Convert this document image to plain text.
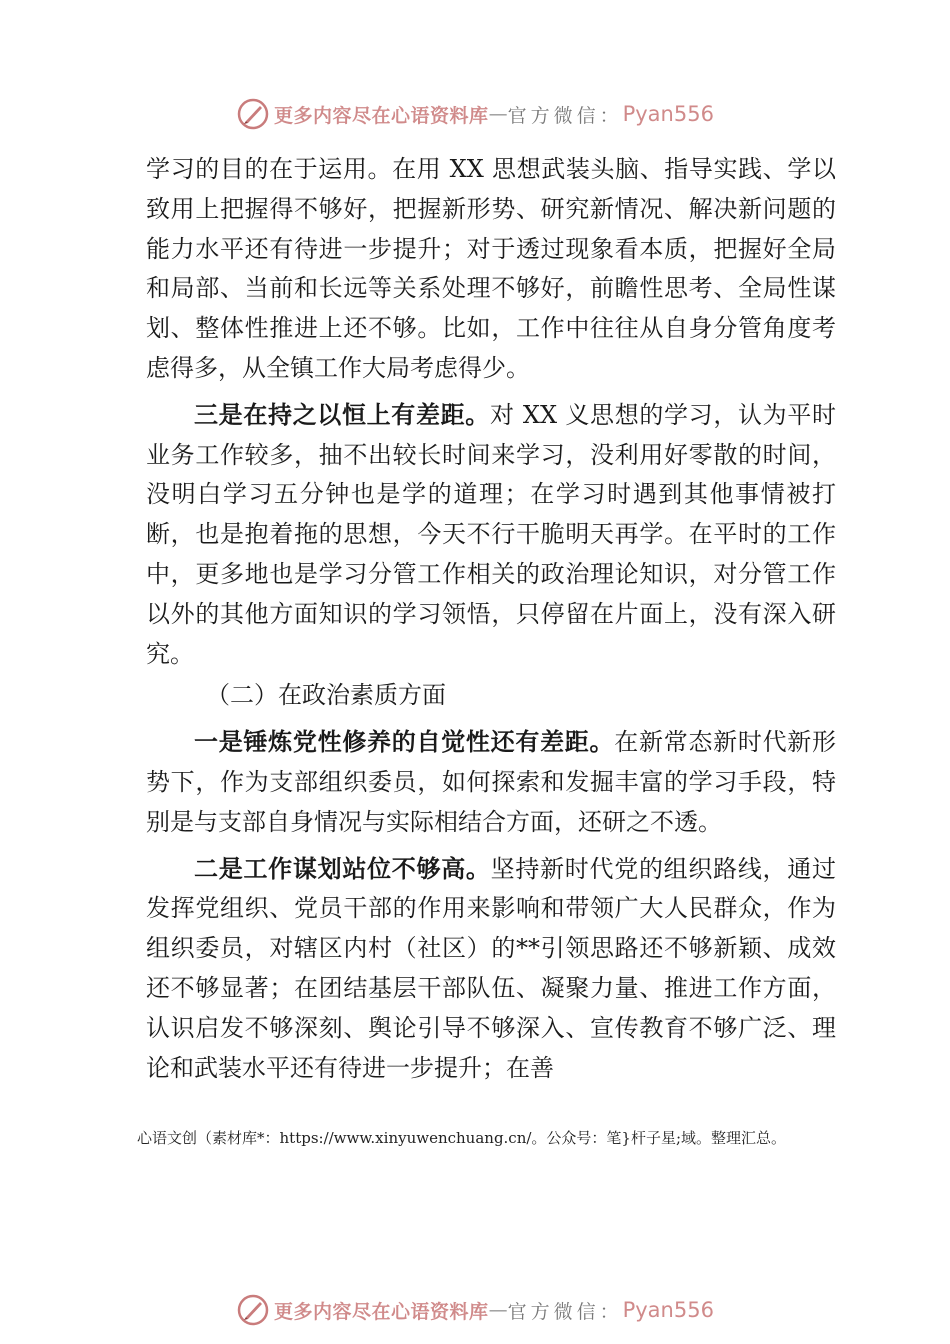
更多内容尽在心语资料库 — 官方微信： Pyan556

学习的目的在于运用。在用 XX 思想武装头脑、指导实践、学以致用上把握得不够好，把握新形势、研究新情况、解决新问题的能力水平还有待进一步提升；对于透过现象看本质，把握好全局和局部、当前和长远等关系处理不够好，前瞻性思考、全局性谋划、整体性推进上还不够。比如，工作中往往从自身分管角度考虑得多，从全镇工作大局考虑得少。

三是在持之以恒上有差距。对 XX 义思想的学习，认为平时业务工作较多，抽不出较长时间来学习，没利用好零散的时间，没明白学习五分钟也是学的道理；在学习时遇到其他事情被打断，也是抱着拖的思想，今天不行干脆明天再学。在平时的工作中，更多地也是学习分管工作相关的政治理论知识，对分管工作以外的其他方面知识的学习领悟，只停留在片面上，没有深入研究。

（二）在政治素质方面

一是锤炼党性修养的自觉性还有差距。在新常态新时代新形势下，作为支部组织委员，如何探索和发掘丰富的学习手段，特别是与支部自身情况与实际相结合方面，还研之不透。

二是工作谋划站位不够高。坚持新时代党的组织路线，通过发挥党组织、党员干部的作用来影响和带领广大人民群众，作为组织委员，对辖区内村（社区）的**引领思路还不够新颖、成效还不够显著；在团结基层干部队伍、凝聚力量、推进工作方面，认识启发不够深刻、舆论引导不够深入、宣传教育不够广泛、理论和武装水平还有待进一步提升；在善

心语文创（素材库*：https://www.xinyuwenchuang.cn/。公众号：笔}杆子星;域。整理汇总。
更多内容尽在心语资料库 — 官方微信： Pyan556
